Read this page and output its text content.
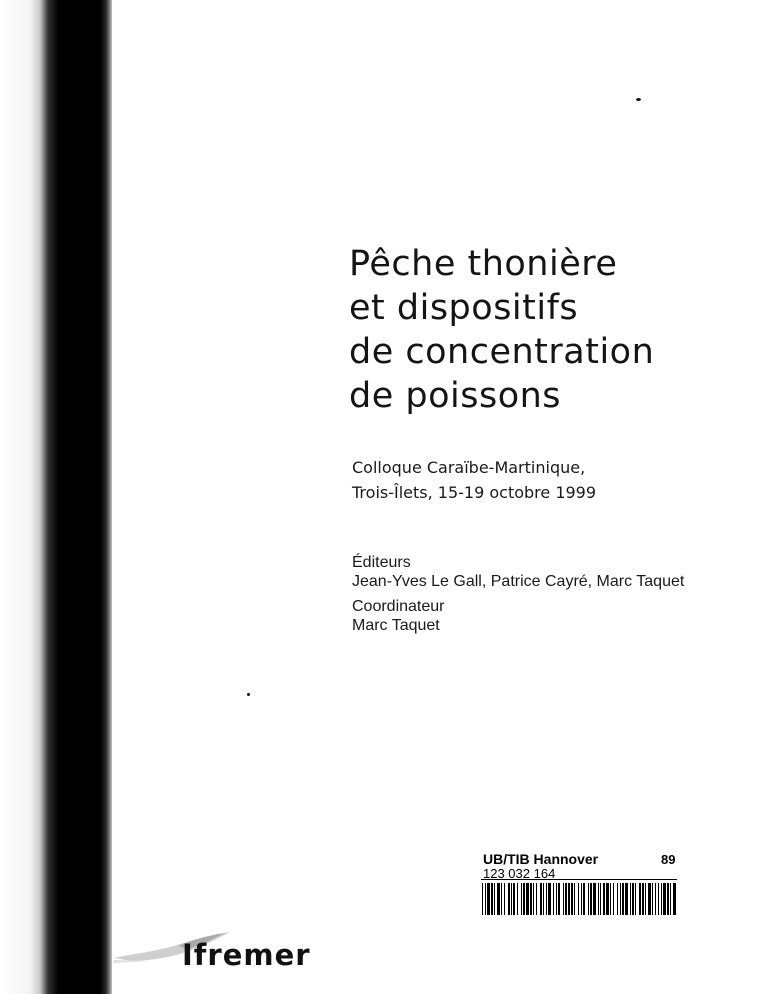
Pêche thonière
et dispositifs
de concentration
de poissons
Colloque Caraïbe-Martinique,
Trois-Îlets, 15-19 octobre 1999
Éditeurs
Jean-Yves Le Gall, Patrice Cayré, Marc Taquet
Coordinateur
Marc Taquet
UB/TIB Hannover	89
123 032 164
Ifremer
